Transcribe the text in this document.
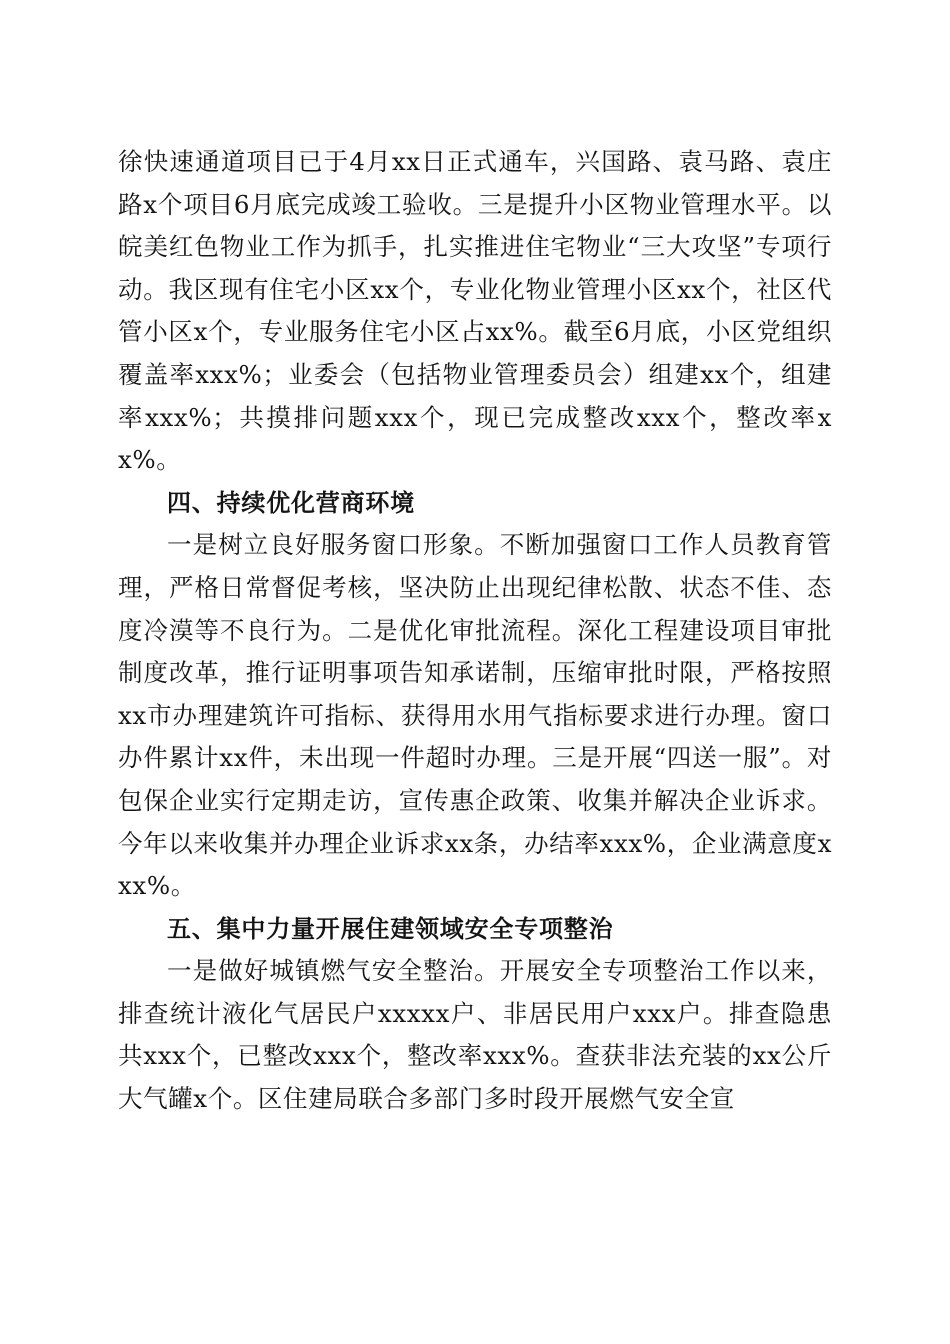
徐快速通道项目已于4月xx日正式通车，兴国路、袁马路、袁庄路x个项目6月底完成竣工验收。三是提升小区物业管理水平。以皖美红色物业工作为抓手，扎实推进住宅物业“三大攻坚”专项行动。我区现有住宅小区xx个，专业化物业管理小区xx个，社区代管小区x个，专业服务住宅小区占xx%。截至6月底，小区党组织覆盖率xxx%；业委会（包括物业管理委员会）组建xx个，组建率xxx%；共摸排问题xxx个，现已完成整改xxx个，整改率xx%。

四、持续优化营商环境

一是树立良好服务窗口形象。不断加强窗口工作人员教育管理，严格日常督促考核，坚决防止出现纪律松散、状态不佳、态度冷漠等不良行为。二是优化审批流程。深化工程建设项目审批制度改革，推行证明事项告知承诺制，压缩审批时限，严格按照xx市办理建筑许可指标、获得用水用气指标要求进行办理。窗口办件累计xx件，未出现一件超时办理。三是开展“四送一服”。对包保企业实行定期走访，宣传惠企政策、收集并解决企业诉求。今年以来收集并办理企业诉求xx条，办结率xxx%，企业满意度xxx%。

五、集中力量开展住建领域安全专项整治

一是做好城镇燃气安全整治。开展安全专项整治工作以来，排查统计液化气居民户xxxxx户、非居民用户xxx户。排查隐患共xxx个，已整改xxx个，整改率xxx%。查获非法充装的xx公斤大气罐x个。区住建局联合多部门多时段开展燃气安全宣
